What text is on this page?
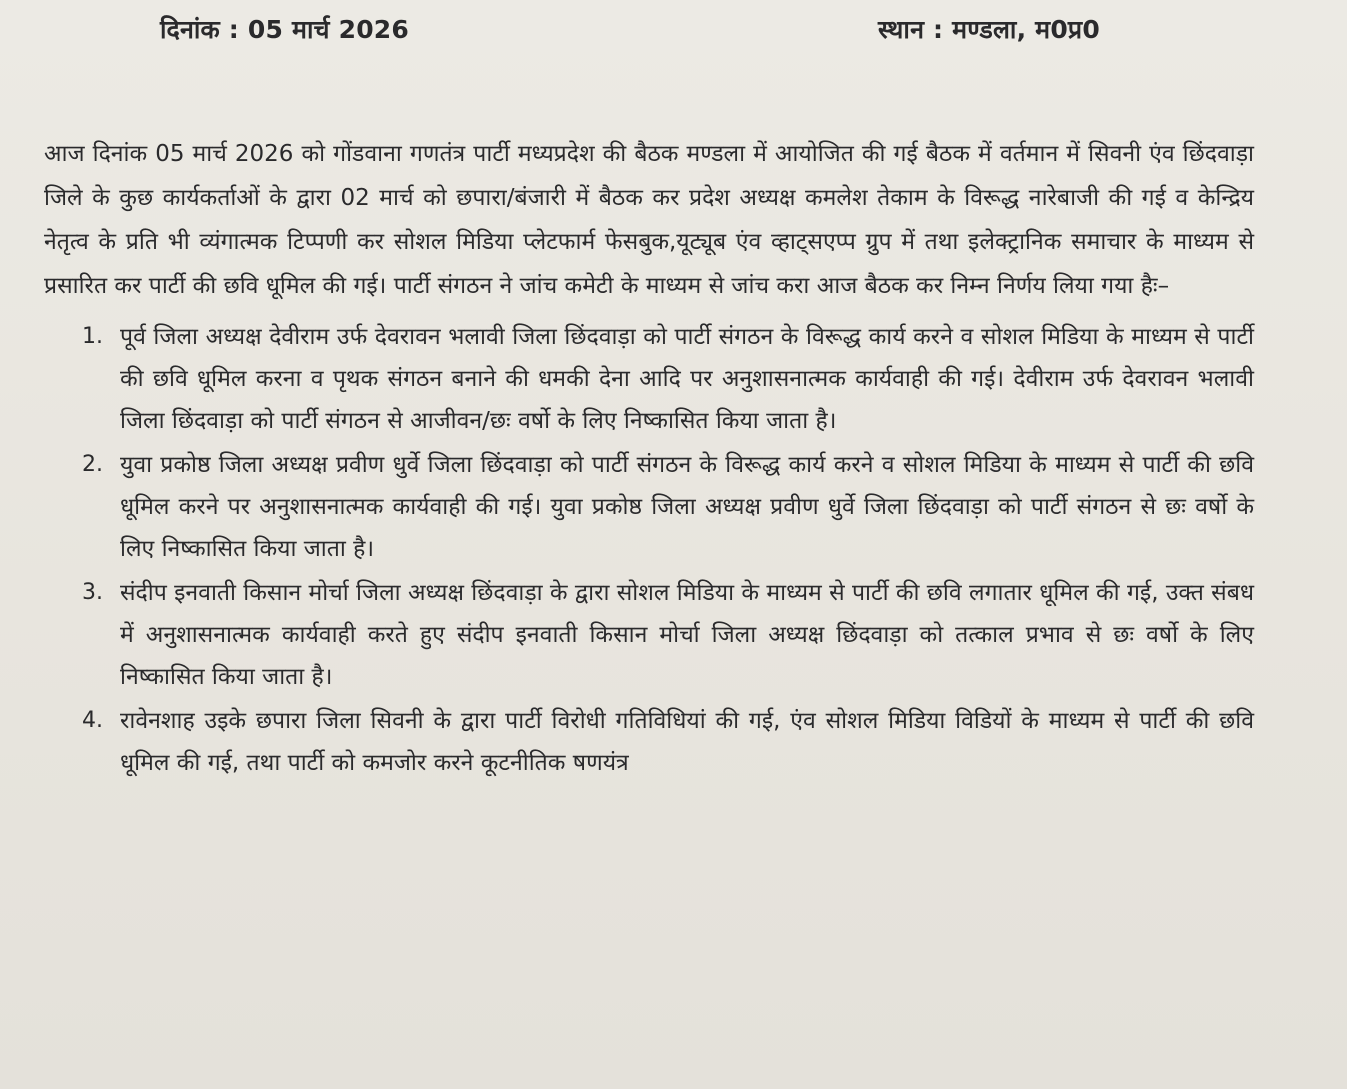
दिनांक : 05 मार्च 2026	स्थान : मण्डला, म0प्र0

आज दिनांक 05 मार्च 2026 को गोंडवाना गणतंत्र पार्टी मध्यप्रदेश की बैठक मण्डला में आयोजित की गई बैठक में वर्तमान में सिवनी एंव छिंदवाड़ा जिले के कुछ कार्यकर्ताओं के द्वारा 02 मार्च को छपारा/बंजारी में बैठक कर प्रदेश अध्यक्ष कमलेश तेकाम के विरूद्ध नारेबाजी की गई व केन्द्रिय नेतृत्व के प्रति भी व्यंगात्मक टिप्पणी कर सोशल मिडिया प्लेटफार्म फेसबुक,यूट्यूब एंव व्हाट्सएप्प ग्रुप में तथा इलेक्ट्रानिक समाचार के माध्यम से प्रसारित कर पार्टी की छवि धूमिल की गई। पार्टी संगठन ने जांच कमेटी के माध्यम से जांच करा आज बैठक कर निम्न निर्णय लिया गया हैः–

1. पूर्व जिला अध्यक्ष देवीराम उर्फ देवरावन भलावी जिला छिंदवाड़ा को पार्टी संगठन के विरूद्ध कार्य करने व सोशल मिडिया के माध्यम से पार्टी की छवि धूमिल करना व पृथक संगठन बनाने की धमकी देना आदि पर अनुशासनात्मक कार्यवाही की गई। देवीराम उर्फ देवरावन भलावी जिला छिंदवाड़ा को पार्टी संगठन से आजीवन/छः वर्षो के लिए निष्कासित किया जाता है।
2. युवा प्रकोष्ठ जिला अध्यक्ष प्रवीण धुर्वे जिला छिंदवाड़ा को पार्टी संगठन के विरूद्ध कार्य करने व सोशल मिडिया के माध्यम से पार्टी की छवि धूमिल करने पर अनुशासनात्मक कार्यवाही की गई। युवा प्रकोष्ठ जिला अध्यक्ष प्रवीण धुर्वे जिला छिंदवाड़ा को पार्टी संगठन से छः वर्षो के लिए निष्कासित किया जाता है।
3. संदीप इनवाती किसान मोर्चा जिला अध्यक्ष छिंदवाड़ा के द्वारा सोशल मिडिया के माध्यम से पार्टी की छवि लगातार धूमिल की गई, उक्त संबध में अनुशासनात्मक कार्यवाही करते हुए संदीप इनवाती किसान मोर्चा जिला अध्यक्ष छिंदवाड़ा को तत्काल प्रभाव से छः वर्षो के लिए निष्कासित किया जाता है।
4. रावेनशाह उइके छपारा जिला सिवनी के द्वारा पार्टी विरोधी गतिविधियां की गई, एंव सोशल मिडिया विडियों के माध्यम से पार्टी की छवि धूमिल की गई, तथा पार्टी को कमजोर करने कूटनीतिक षणयंत्र
